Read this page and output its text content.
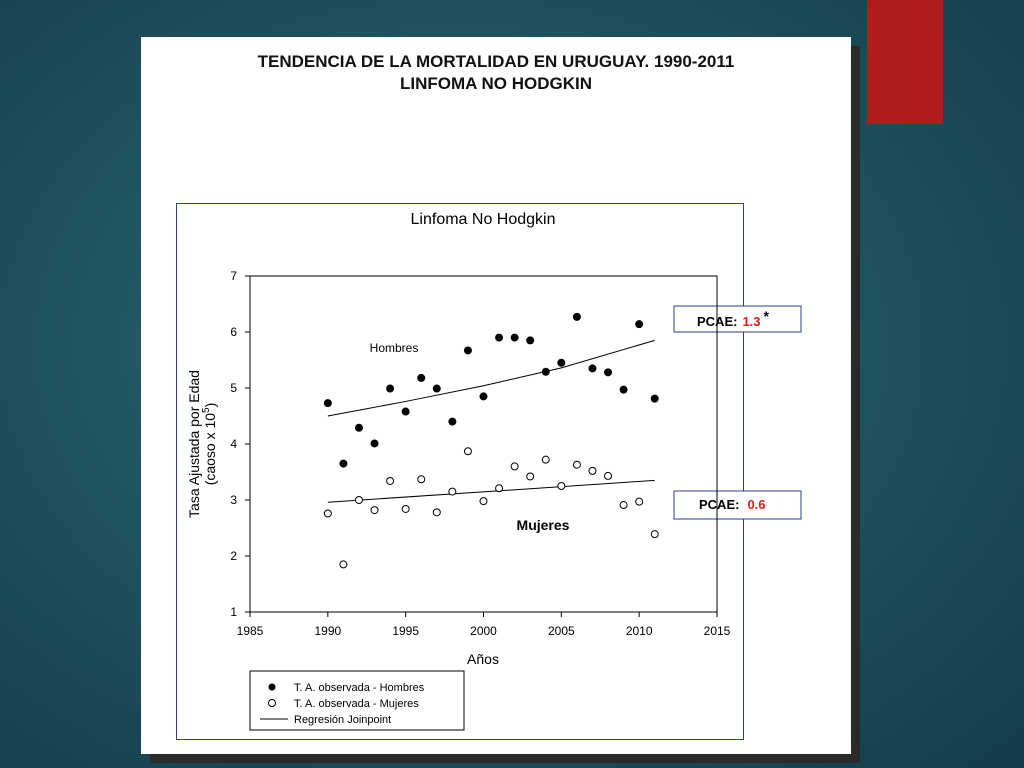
TENDENCIA DE LA MORTALIDAD EN URUGUAY. 1990-2011
LINFOMA NO HODGKIN
Linfoma No Hodgkin
Años
Tasa Ajustada por Edad (caoso x $10^5$)
Hombres
Mujeres
PCAE: 1.3 *
PCAE: 0.6
T. A. observada - Hombres
T. A. observada - Mujeres
Regresión Joinpoint
1985	1990	1995	2000	2005	2010	2015
1
2
3
4
5
6
7
